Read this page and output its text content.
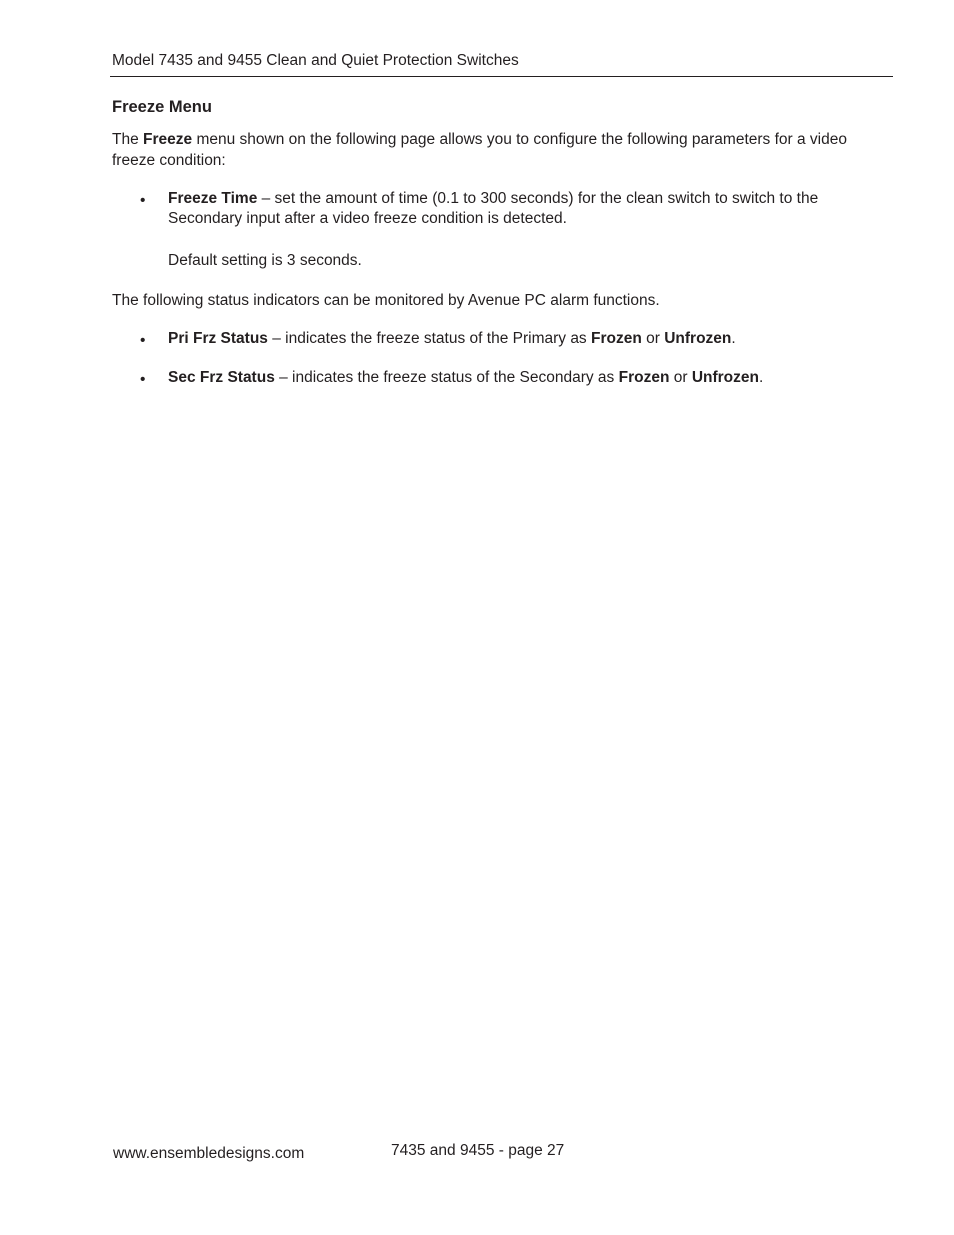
Model 7435 and 9455 Clean and Quiet Protection Switches
Freeze Menu
The Freeze menu shown on the following page allows you to configure the following parameters for a video freeze condition:
• Freeze Time – set the amount of time (0.1 to 300 seconds) for the clean switch to switch to the Secondary input after a video freeze condition is detected.
Default setting is 3 seconds.
The following status indicators can be monitored by Avenue PC alarm functions.
• Pri Frz Status – indicates the freeze status of the Primary as Frozen or Unfrozen.
• Sec Frz Status – indicates the freeze status of the Secondary as Frozen or Unfrozen.
www.ensembledesigns.com	7435 and 9455 - page 27
